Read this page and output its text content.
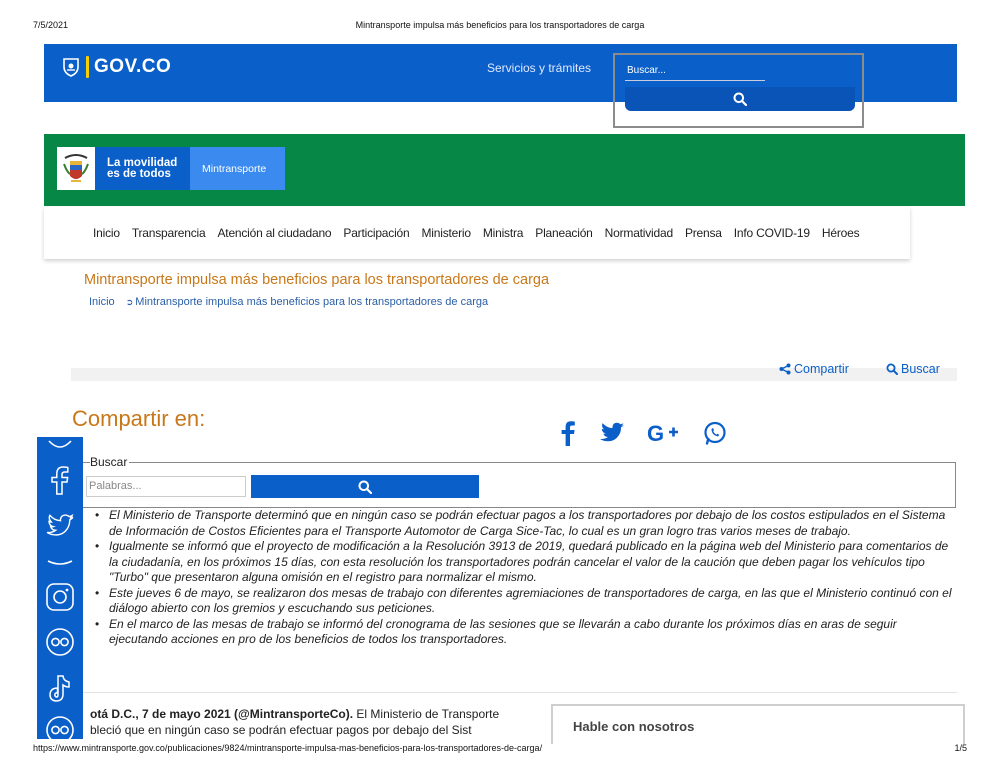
7/5/2021	Mintransporte impulsa más beneficios para los transportadores de carga
GOV.CO	Servicios y trámites	Buscar...
La movilidad es de todos	Mintransporte
Inicio Transparencia Atención al ciudadano Participación Ministerio Ministra Planeación Normatividad Prensa Info COVID-19 Héroes
Mintransporte impulsa más beneficios para los transportadores de carga
Inicio ➲ Mintransporte impulsa más beneficios para los transportadores de carga
Compartir	Buscar
Compartir en:
G
Buscar
Palabras...
• El Ministerio de Transporte determinó que en ningún caso se podrán efectuar pagos a los transportadores por debajo de los costos estipulados en el Sistema de Información de Costos Eficientes para el Transporte Automotor de Carga Sice-Tac, lo cual es un gran logro tras varios meses de trabajo.
• Igualmente se informó que el proyecto de modificación a la Resolución 3913 de 2019, quedará publicado en la página web del Ministerio para comentarios de la ciudadanía, en los próximos 15 días, con esta resolución los transportadores podrán cancelar el valor de la caución que deben pagar los vehículos tipo "Turbo" que presentaron alguna omisión en el registro para normalizar el mismo.
• Este jueves 6 de mayo, se realizaron dos mesas de trabajo con diferentes agremiaciones de transportadores de carga, en las que el Ministerio continuó con el diálogo abierto con los gremios y escuchando sus peticiones.
• En el marco de las mesas de trabajo se informó del cronograma de las sesiones que se llevarán a cabo durante los próximos días en aras de seguir ejecutando acciones en pro de los beneficios de todos los transportadores.
otá D.C., 7 de mayo 2021 (@MintransporteCo). El Ministerio de Transporte
bleció que en ningún caso se podrán efectuar pagos por debajo del Sist	Hable con nosotros
https://www.mintransporte.gov.co/publicaciones/9824/mintransporte-impulsa-mas-beneficios-para-los-transportadores-de-carga/	1/5
